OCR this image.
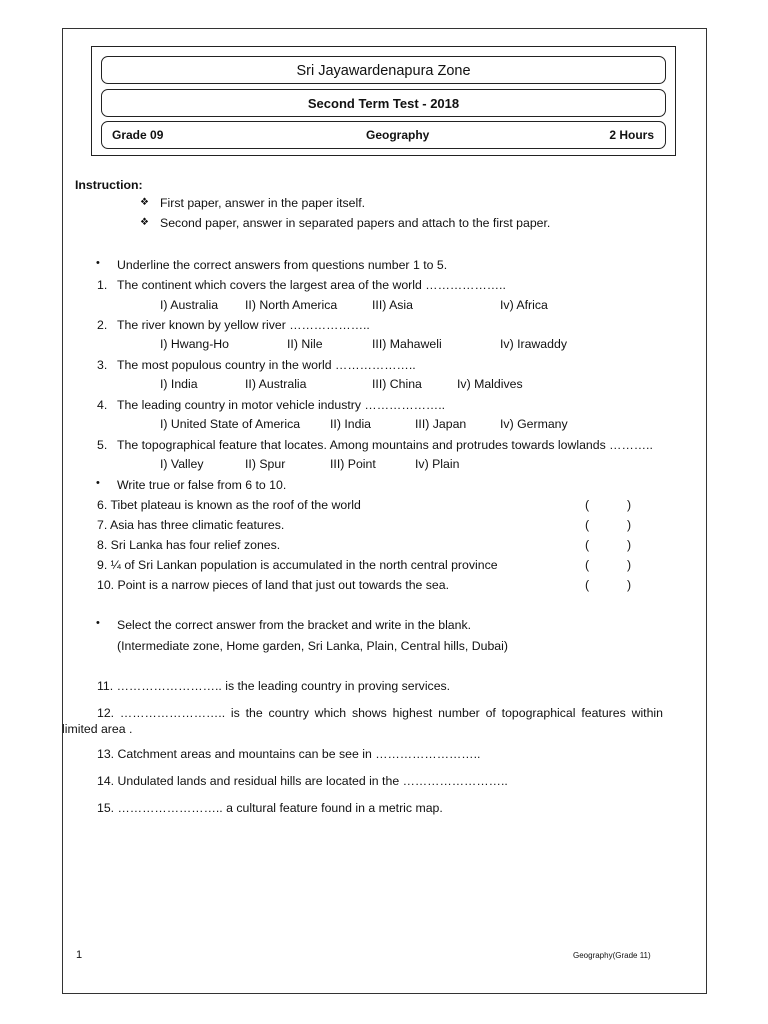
Sri Jayawardenapura Zone
Second Term Test - 2018
Grade 09	Geography	2 Hours
Instruction:
❖ First paper, answer in the paper itself.
❖ Second paper, answer in separated papers and attach to the first paper.
• Underline the correct answers from questions number 1 to 5.
1. The continent which covers the largest area of the world ………………..
I) Australia II) North America	III) Asia	Iv) Africa
2. The river known by yellow river ………………..
I) Hwang-Ho	II) Nile	III) Mahaweli	Iv) Irawaddy
3. The most populous country in the world ………………..
I) India	II) Australia	III) China	Iv) Maldives
4. The leading country in motor vehicle industry ………………..
I) United State of America II) India	III) Japan	Iv) Germany
5. The topographical feature that locates. Among mountains and protrudes towards lowlands ………..
I) Valley	II) Spur	III) Point	Iv) Plain
• Write true or false from 6 to 10.
6. Tibet plateau is known as the roof of the world	(	)
7. Asia has three climatic features.	(	)
8. Sri Lanka has four relief zones.	(	)
9. ¼ of Sri Lankan population is accumulated in the north central province	(	)
10. Point is a narrow pieces of land that just out towards the sea.	(	)
• Select the correct answer from the bracket and write in the blank.
(Intermediate zone, Home garden, Sri Lanka, Plain, Central hills, Dubai)
11. …………………….. is the leading country in proving services.
12. …………………….. is the country which shows highest number of topographical features within
limited area .
13. Catchment areas and mountains can be see in ……………………..
14. Undulated lands and residual hills are located in the ……………………..
15. …………………….. a cultural feature found in a metric map.
1	Geography(Grade 11)
